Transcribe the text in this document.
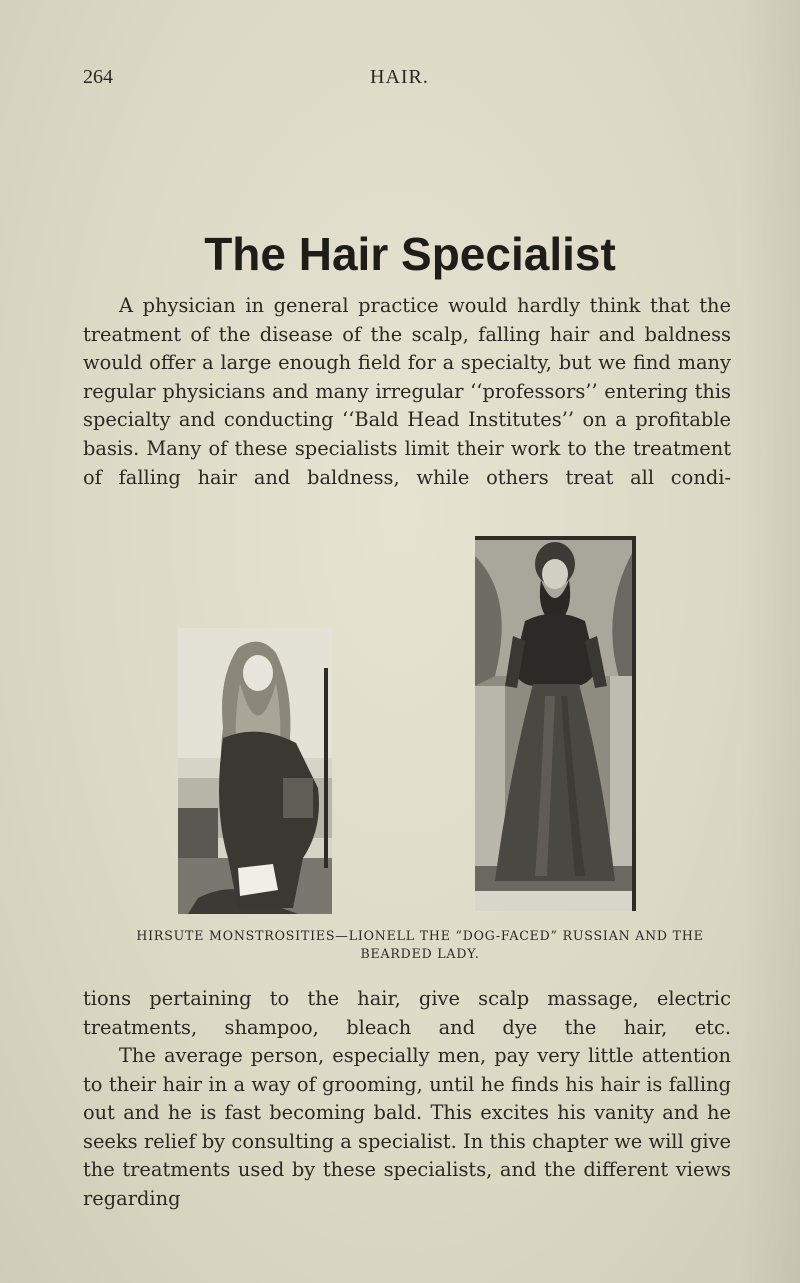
264	HAIR.
The Hair Specialist

A physician in general practice would hardly think that the treatment of the disease of the scalp, falling hair and baldness would offer a large enough field for a specialty, but we find many regular physicians and many irregular ‘‘professors’’ entering this specialty and conducting ‘‘Bald Head Institutes’’ on a profitable basis. Many of these specialists limit their work to the treatment of falling hair and baldness, while others treat all condi-

HIRSUTE MONSTROSITIES—LIONELL THE “DOG-FACED” RUSSIAN AND THE BEARDED LADY.

tions pertaining to the hair, give scalp massage, electric treatments, shampoo, bleach and dye the hair, etc.

The average person, especially men, pay very little attention to their hair in a way of grooming, until he finds his hair is falling out and he is fast becoming bald. This excites his vanity and he seeks relief by consulting a specialist. In this chapter we will give the treatments used by these specialists, and the different views regarding
